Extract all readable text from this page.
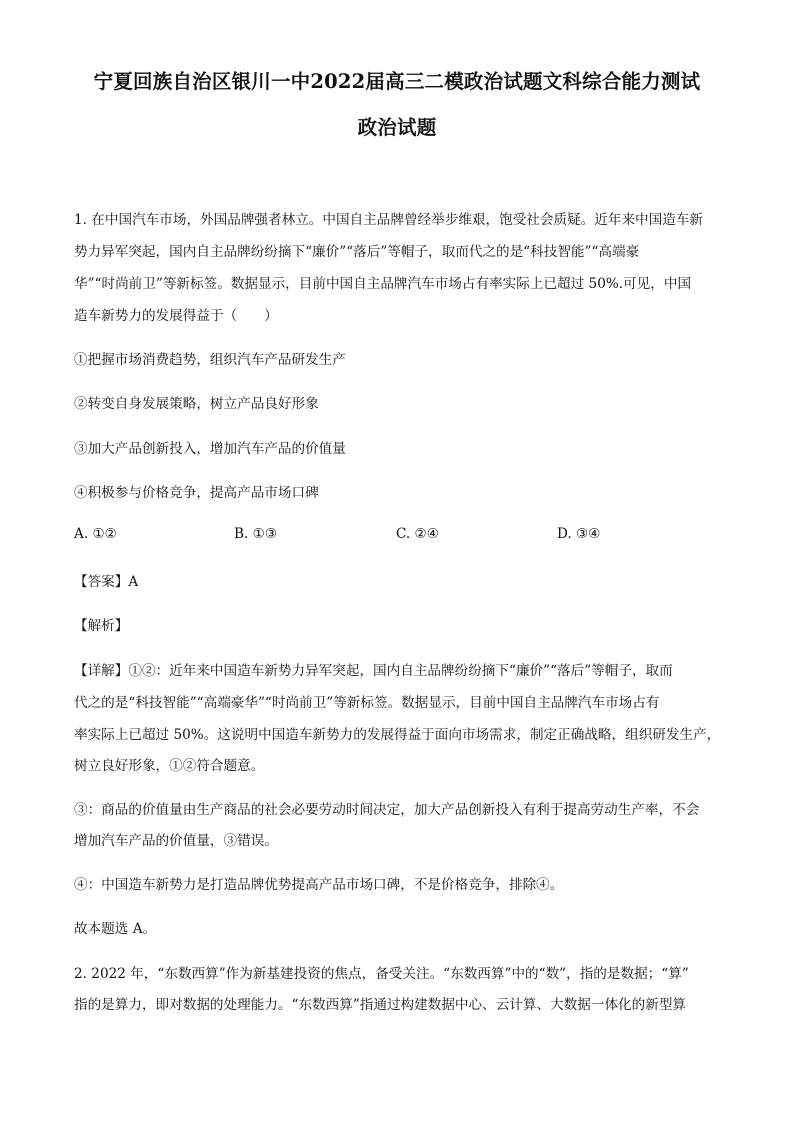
宁夏回族自治区银川一中2022届高三二模政治试题文科综合能力测试
政治试题
1. 在中国汽车市场，外国品牌强者林立。中国自主品牌曾经举步维艰，饱受社会质疑。近年来中国造车新
势力异军突起，国内自主品牌纷纷摘下“廉价”“落后”等帽子，取而代之的是“科技智能”“高端豪
华”“时尚前卫”等新标签。数据显示，目前中国自主品牌汽车市场占有率实际上已超过 50%.可见，中国
造车新势力的发展得益于（　　）
①把握市场消费趋势，组织汽车产品研发生产
②转变自身发展策略，树立产品良好形象
③加大产品创新投入，增加汽车产品的价值量
④积极参与价格竞争，提高产品市场口碑
A. ①②	B. ①③	C. ②④	D. ③④
【答案】A
【解析】
【详解】①②：近年来中国造车新势力异军突起，国内自主品牌纷纷摘下“廉价”“落后”等帽子，取而
代之的是“科技智能”“高端豪华”“时尚前卫”等新标签。数据显示，目前中国自主品牌汽车市场占有
率实际上已超过 50%。这说明中国造车新势力的发展得益于面向市场需求，制定正确战略，组织研发生产，
树立良好形象，①②符合题意。
③：商品的价值量由生产商品的社会必要劳动时间决定，加大产品创新投入有利于提高劳动生产率，不会
增加汽车产品的价值量，③错误。
④：中国造车新势力是打造品牌优势提高产品市场口碑，不是价格竞争，排除④。
故本题选 A。
2. 2022 年，“东数西算”作为新基建投资的焦点，备受关注。“东数西算”中的“数”，指的是数据；“算”
指的是算力，即对数据的处理能力。“东数西算”指通过构建数据中心、云计算、大数据一体化的新型算
